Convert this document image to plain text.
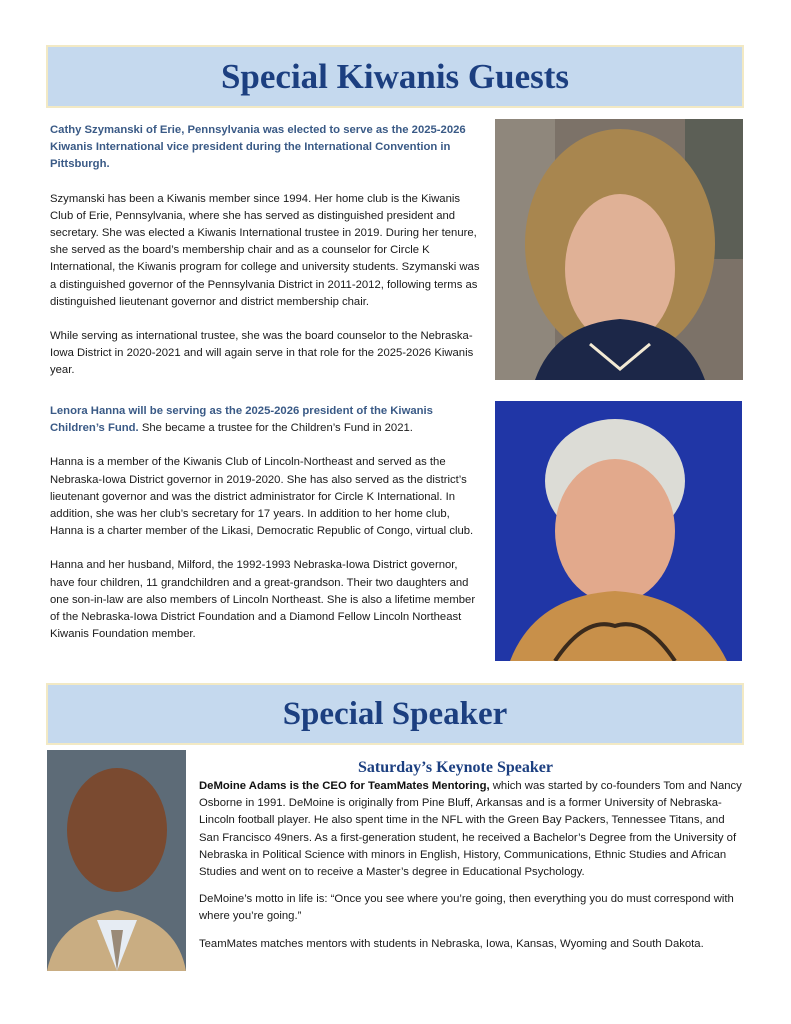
Special Kiwanis Guests

Cathy Szymanski of Erie, Pennsylvania was elected to serve as the 2025-2026 Kiwanis International vice president during the International Convention in Pittsburgh.

Szymanski has been a Kiwanis member since 1994. Her home club is the Kiwanis Club of Erie, Pennsylvania, where she has served as distinguished president and secretary. She was elected a Kiwanis International trustee in 2019. During her tenure, she served as the board’s membership chair and as a counselor for Circle K International, the Kiwanis program for college and university students. Szymanski was a distinguished governor of the Pennsylvania District in 2011-2012, following terms as distinguished lieutenant governor and district membership chair.

While serving as international trustee, she was the board counselor to the Nebraska-Iowa District in 2020-2021 and will again serve in that role for the 2025-2026 Kiwanis year.

Lenora Hanna will be serving as the 2025-2026 president of the Kiwanis Children’s Fund. She became a trustee for the Children’s Fund in 2021.

Hanna is a member of the Kiwanis Club of Lincoln-Northeast and served as the Nebraska-Iowa District governor in 2019-2020. She has also served as the district’s lieutenant governor and was the district administrator for Circle K International. In addition, she was her club’s secretary for 17 years. In addition to her home club, Hanna is a charter member of the Likasi, Democratic Republic of Congo, virtual club.

Hanna and her husband, Milford, the 1992-1993 Nebraska-Iowa District governor, have four children, 11 grandchildren and a great-grandson. Their two daughters and one son-in-law are also members of Lincoln Northeast. She is also a lifetime member of the Nebraska-Iowa District Foundation and a Diamond Fellow Lincoln Northeast Kiwanis Foundation member.

Special Speaker
Saturday’s Keynote Speaker

DeMoine Adams is the CEO for TeamMates Mentoring, which was started by co-founders Tom and Nancy Osborne in 1991. DeMoine is originally from Pine Bluff, Arkansas and is a former University of Nebraska-Lincoln football player. He also spent time in the NFL with the Green Bay Packers, Tennessee Titans, and San Francisco 49ners. As a first-generation student, he received a Bachelor’s Degree from the University of Nebraska in Political Science with minors in English, History, Communications, Ethnic Studies and African Studies and went on to receive a Master’s degree in Educational Psychology.

DeMoine’s motto in life is: “Once you see where you’re going, then everything you do must correspond with where you’re going.”

TeamMates matches mentors with students in Nebraska, Iowa, Kansas, Wyoming and South Dakota.
